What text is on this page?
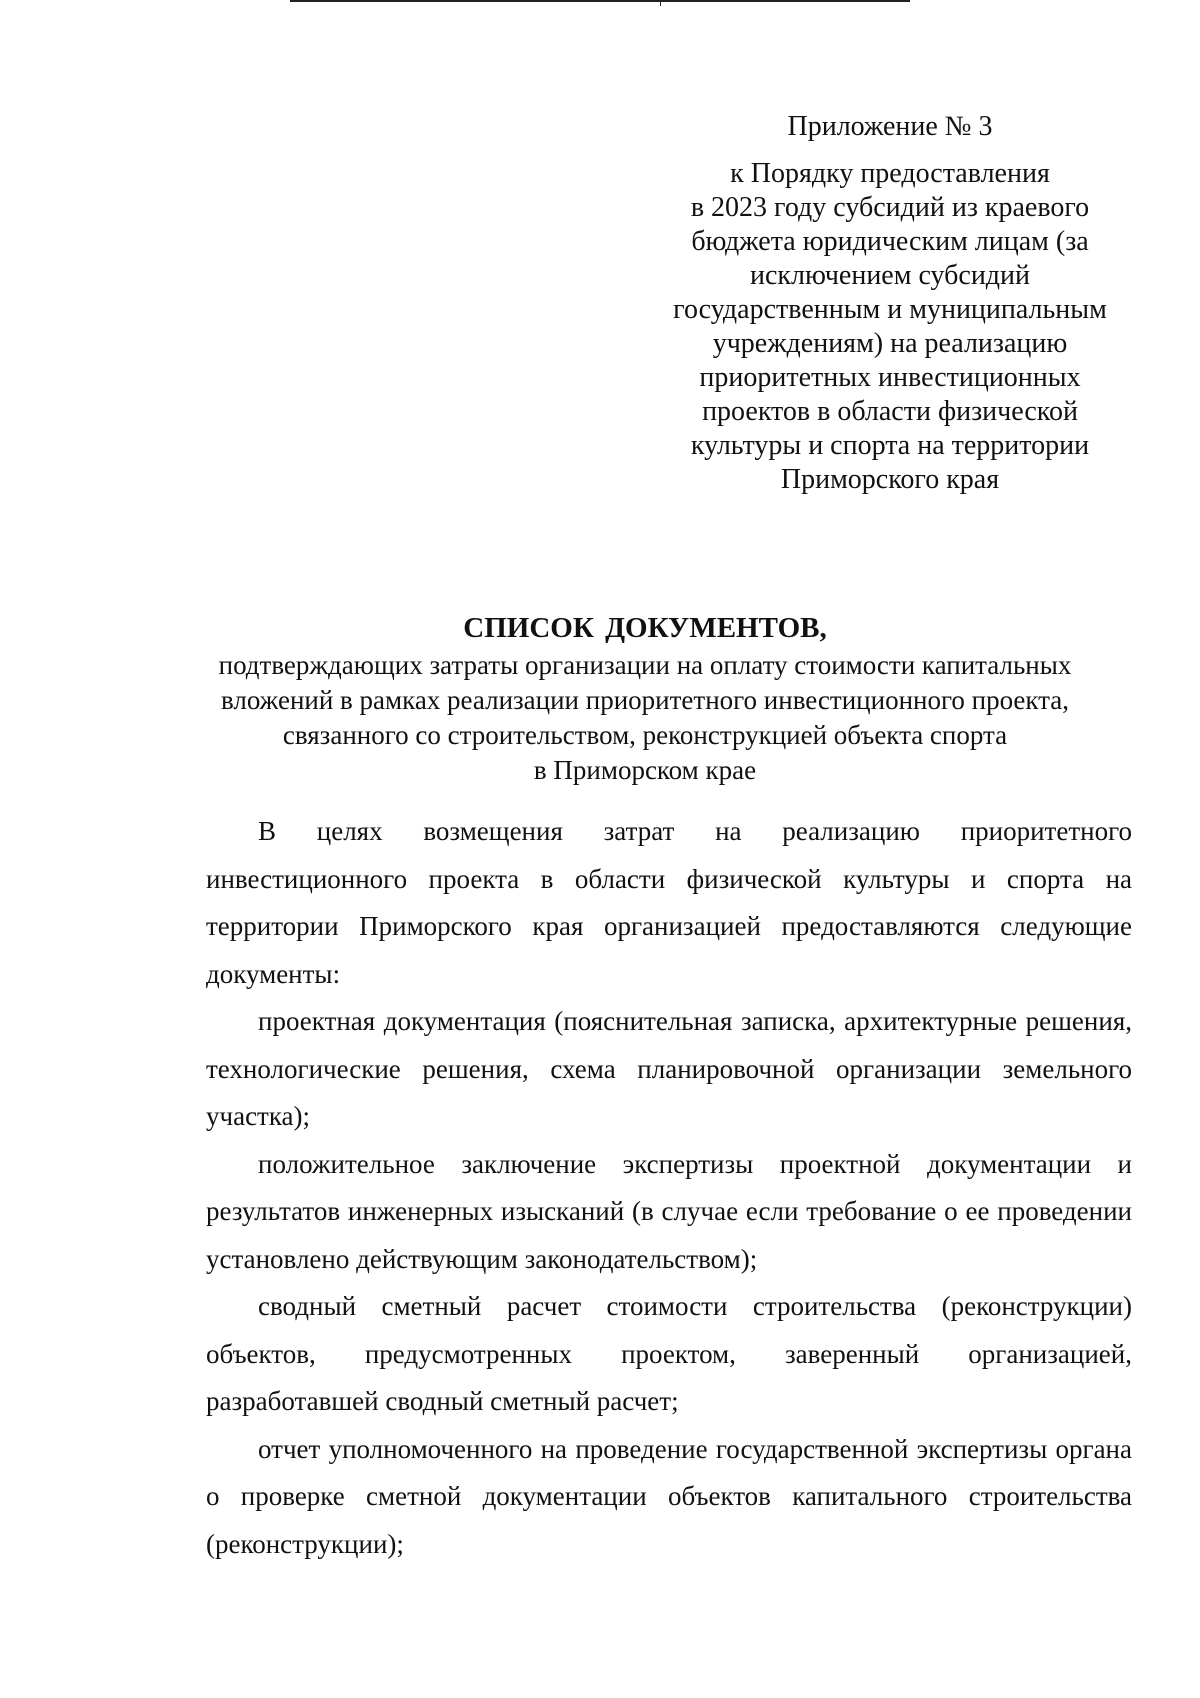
Приложение № 3
к Порядку предоставления
в 2023 году субсидий из краевого
бюджета юридическим лицам (за
исключением субсидий
государственным и муниципальным
учреждениям) на реализацию
приоритетных инвестиционных
проектов в области физической
культуры и спорта на территории
Приморского края
СПИСОК ДОКУМЕНТОВ,
подтверждающих затраты организации на оплату стоимости капитальных
вложений в рамках реализации приоритетного инвестиционного проекта,
связанного со строительством, реконструкцией объекта спорта
в Приморском крае
В целях возмещения затрат на реализацию приоритетного
инвестиционного проекта в области физической культуры и спорта на
территории Приморского края организацией предоставляются следующие
документы:
проектная документация (пояснительная записка, архитектурные решения,
технологические решения, схема планировочной организации земельного
участка);
положительное заключение экспертизы проектной документации и
результатов инженерных изысканий (в случае если требование о ее проведении
установлено действующим законодательством);
сводный сметный расчет стоимости строительства (реконструкции)
объектов, предусмотренных проектом, заверенный организацией,
разработавшей сводный сметный расчет;
отчет уполномоченного на проведение государственной экспертизы органа
о проверке сметной документации объектов капитального строительства
(реконструкции);
